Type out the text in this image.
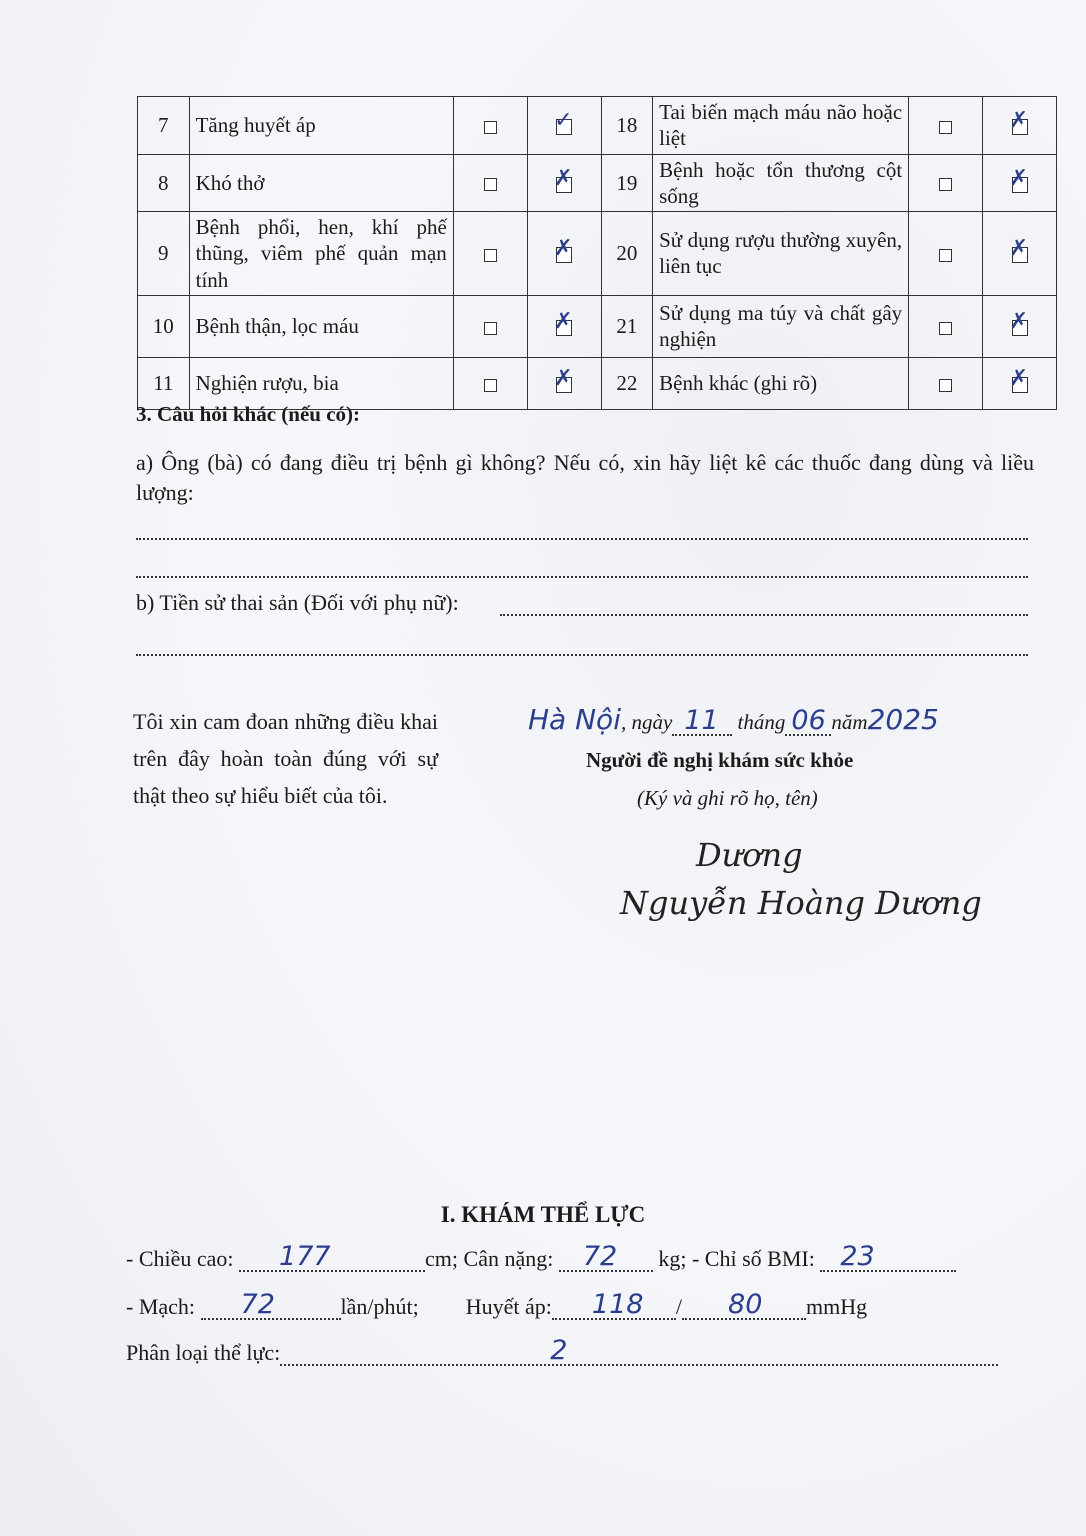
7	Tăng huyết áp		✓	18	Tai biến mạch máu não hoặc liệt		✗

8	Khó thở		✗	19	Bệnh hoặc tổn thương cột sống		✗

9	Bệnh phổi, hen, khí phế thũng, viêm phế quản mạn tính		✗	20	Sử dụng rượu thường xuyên, liên tục		✗

10	Bệnh thận, lọc máu		✗	21	Sử dụng ma túy và chất gây nghiện		✗

11	Nghiện rượu, bia		✗	22	Bệnh khác (ghi rõ)		✗
3. Câu hỏi khác (nếu có):
a) Ông (bà) có đang điều trị bệnh gì không? Nếu có, xin hãy liệt kê các thuốc đang dùng và liều lượng:
b) Tiền sử thai sản (Đối với phụ nữ):
Tôi xin cam đoan những điều khai trên đây hoàn toàn đúng với sự thật theo sự hiểu biết của tôi.
Hà Nội, ngày 11 tháng 06 năm2025
Người đề nghị khám sức khỏe
(Ký và ghi rõ họ, tên)
Dương
Nguyễn Hoàng Dương
I. KHÁM THỂ LỰC
- Chiều cao: 177	cm; Cân nặng: 72 kg; - Chỉ số BMI: 23
- Mạch: 72	lần/phút; Huyết áp: 118 / 80 mmHg
Phân loại thể lực:	2
